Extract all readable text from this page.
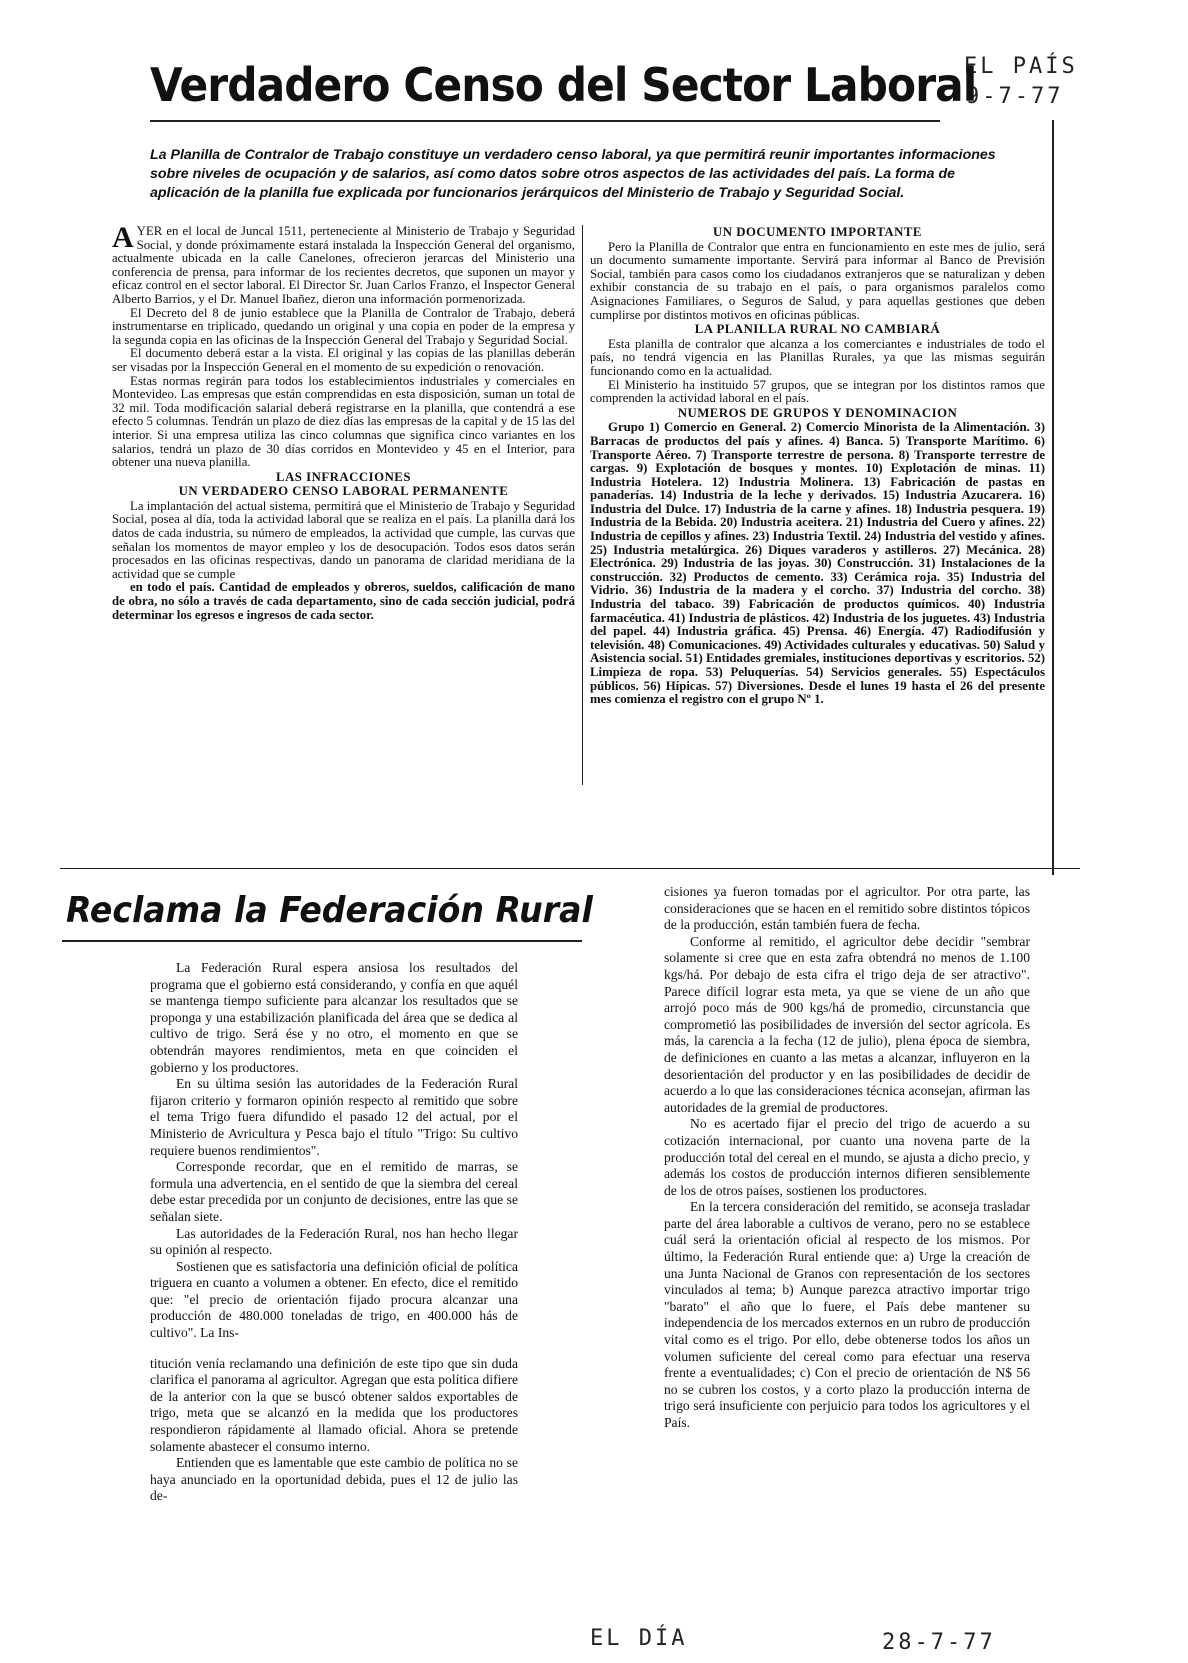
EL PAÍS
9-7-77
Verdadero Censo del Sector Laboral
La Planilla de Contralor de Trabajo constituye un verdadero censo laboral, ya que permitirá reunir importantes informaciones sobre niveles de ocupación y de salarios, así como datos sobre otros aspectos de las actividades del país. La forma de aplicación de la planilla fue explicada por funcionarios jerárquicos del Ministerio de Trabajo y Seguridad Social.

AYER en el local de Juncal 1511, perteneciente al Ministerio de Trabajo y Seguridad Social, y donde próximamente estará instalada la Inspección General del organismo, actualmente ubicada en la calle Canelones, ofrecieron jerarcas del Ministerio una conferencia de prensa, para informar de los recientes decretos, que suponen un mayor y eficaz control en el sector laboral. El Director Sr. Juan Carlos Franzo, el Inspector General Alberto Barrios, y el Dr. Manuel Ibañez, dieron una información pormenorizada.

El Decreto del 8 de junio establece que la Planilla de Contralor de Trabajo, deberá instrumentarse en triplicado, quedando un original y una copia en poder de la empresa y la segunda copia en las oficinas de la Inspección General del Trabajo y Seguridad Social.

El documento deberá estar a la vista. El original y las copias de las planillas deberán ser visadas por la Inspección General en el momento de su expedición o renovación.

Estas normas regirán para todos los establecimientos industriales y comerciales en Montevideo. Las empresas que están comprendidas en esta disposición, suman un total de 32 mil. Toda modificación salarial deberá registrarse en la planilla, que contendrá a ese efecto 5 columnas. Tendrán un plazo de diez días las empresas de la capital y de 15 las del interior. Si una empresa utiliza las cinco columnas que significa cinco variantes en los salarios, tendrá un plazo de 30 días corridos en Montevideo y 45 en el Interior, para obtener una nueva planilla.

LAS INFRACCIONES
UN VERDADERO CENSO LABORAL PERMANENTE

La implantación del actual sistema, permitirá que el Ministerio de Trabajo y Seguridad Social, posea al día, toda la actividad laboral que se realiza en el país. La planilla dará los datos de cada industria, su número de empleados, la actividad que cumple, las curvas que señalan los momentos de mayor empleo y los de desocupación. Todos esos datos serán procesados en las oficinas respectivas, dando un panorama de claridad meridiana de la actividad que se cumple

en todo el país. Cantidad de empleados y obreros, sueldos, calificación de mano de obra, no sólo a través de cada departamento, sino de cada sección judicial, podrá determinar los egresos e ingresos de cada sector.

UN DOCUMENTO IMPORTANTE

Pero la Planilla de Contralor que entra en funcionamiento en este mes de julio, será un documento sumamente importante. Servirá para informar al Banco de Previsión Social, también para casos como los ciudadanos extranjeros que se naturalizan y deben exhibir constancia de su trabajo en el país, o para organismos paralelos como Asignaciones Familiares, o Seguros de Salud, y para aquellas gestiones que deben cumplirse por distintos motivos en oficinas públicas.

LA PLANILLA RURAL NO CAMBIARÁ

Esta planilla de contralor que alcanza a los comerciantes e industriales de todo el país, no tendrá vigencia en las Planillas Rurales, ya que las mismas seguirán funcionando como en la actualidad.

El Ministerio ha instituido 57 grupos, que se integran por los distintos ramos que comprenden la actividad laboral en el país.

NUMEROS DE GRUPOS Y DENOMINACION

Grupo 1) Comercio en General. 2) Comercio Minorista de la Alimentación. 3) Barracas de productos del país y afines. 4) Banca. 5) Transporte Marítimo. 6) Transporte Aéreo. 7) Transporte terrestre de persona. 8) Transporte terrestre de cargas. 9) Explotación de bosques y montes. 10) Explotación de minas. 11) Industria Hotelera. 12) Industria Molinera. 13) Fabricación de pastas en panaderías. 14) Industria de la leche y derivados. 15) Industria Azucarera. 16) Industria del Dulce. 17) Industria de la carne y afines. 18) Industria pesquera. 19) Industria de la Bebida. 20) Industria aceitera. 21) Industria del Cuero y afines. 22) Industria de cepillos y afines. 23) Industria Textil. 24) Industria del vestido y afines. 25) Industria metalúrgica. 26) Diques varaderos y astilleros. 27) Mecánica. 28) Electrónica. 29) Industria de las joyas. 30) Construcción. 31) Instalaciones de la construcción. 32) Productos de cemento. 33) Cerámica roja. 35) Industria del Vidrio. 36) Industria de la madera y el corcho. 37) Industria del corcho. 38) Industria del tabaco. 39) Fabricación de productos químicos. 40) Industria farmacéutica. 41) Industria de plásticos. 42) Industria de los juguetes. 43) Industria del papel. 44) Industria gráfica. 45) Prensa. 46) Energía. 47) Radiodifusión y televisión. 48) Comunicaciones. 49) Actividades culturales y educativas. 50) Salud y Asistencia social. 51) Entidades gremiales, instituciones deportivas y escritorios. 52) Limpieza de ropa. 53) Peluquerías. 54) Servicios generales. 55) Espectáculos públicos. 56) Hípicas. 57) Diversiones. Desde el lunes 19 hasta el 26 del presente mes comienza el registro con el grupo Nº 1.

Reclama la Federación Rural

La Federación Rural espera ansiosa los resultados del programa que el gobierno está considerando, y confía en que aquél se mantenga tiempo suficiente para alcanzar los resultados que se proponga y una estabilización planificada del área que se dedica al cultivo de trigo. Será ése y no otro, el momento en que se obtendrán mayores rendimientos, meta en que coinciden el gobierno y los productores.

En su última sesión las autoridades de la Federación Rural fijaron criterio y formaron opinión respecto al remitido que sobre el tema Trigo fuera difundido el pasado 12 del actual, por el Ministerio de Avricultura y Pesca bajo el título "Trigo: Su cultivo requiere buenos rendimientos".

Corresponde recordar, que en el remitido de marras, se formula una advertencia, en el sentido de que la siembra del cereal debe estar precedida por un conjunto de decisiones, entre las que se señalan siete.

Las autoridades de la Federación Rural, nos han hecho llegar su opinión al respecto.

Sostienen que es satisfactoria una definición oficial de política triguera en cuanto a volumen a obtener. En efecto, dice el remitido que: "el precio de orientación fijado procura alcanzar una producción de 480.000 toneladas de trigo, en 400.000 hás de cultivo". La Ins-

titución venía reclamando una definición de este tipo que sin duda clarifica el panorama al agricultor. Agregan que esta política difiere de la anterior con la que se buscó obtener saldos exportables de trigo, meta que se alcanzó en la medida que los productores respondieron rápidamente al llamado oficial. Ahora se pretende solamente abastecer el consumo interno.

Entienden que es lamentable que este cambio de política no se haya anunciado en la oportunidad debida, pues el 12 de julio las de-

cisiones ya fueron tomadas por el agricultor. Por otra parte, las consideraciones que se hacen en el remitido sobre distintos tópicos de la producción, están también fuera de fecha.

Conforme al remitido, el agricultor debe decidir "sembrar solamente si cree que en esta zafra obtendrá no menos de 1.100 kgs/há. Por debajo de esta cifra el trigo deja de ser atractivo". Parece difícil lograr esta meta, ya que se viene de un año que arrojó poco más de 900 kgs/há de promedio, circunstancia que comprometió las posibilidades de inversión del sector agrícola. Es más, la carencia a la fecha (12 de julio), plena época de siembra, de definiciones en cuanto a las metas a alcanzar, influyeron en la desorientación del productor y en las posibilidades de decidir de acuerdo a lo que las consideraciones técnica aconsejan, afirman las autoridades de la gremial de productores.

No es acertado fijar el precio del trigo de acuerdo a su cotización internacional, por cuanto una novena parte de la producción total del cereal en el mundo, se ajusta a dicho precio, y además los costos de producción internos difieren sensiblemente de los de otros países, sostienen los productores.

En la tercera consideración del remitido, se aconseja trasladar parte del área laborable a cultivos de verano, pero no se establece cuál será la orientación oficial al respecto de los mismos. Por último, la Federación Rural entiende que: a) Urge la creación de una Junta Nacional de Granos con representación de los sectores vinculados al tema; b) Aunque parezca atractivo importar trigo "barato" el año que lo fuere, el País debe mantener su independencia de los mercados externos en un rubro de producción vital como es el trigo. Por ello, debe obtenerse todos los años un volumen suficiente del cereal como para efectuar una reserva frente a eventualidades; c) Con el precio de orientación de N$ 56 no se cubren los costos, y a corto plazo la producción interna de trigo será insuficiente con perjuicio para todos los agricultores y el País.

EL DÍA	28-7-77
